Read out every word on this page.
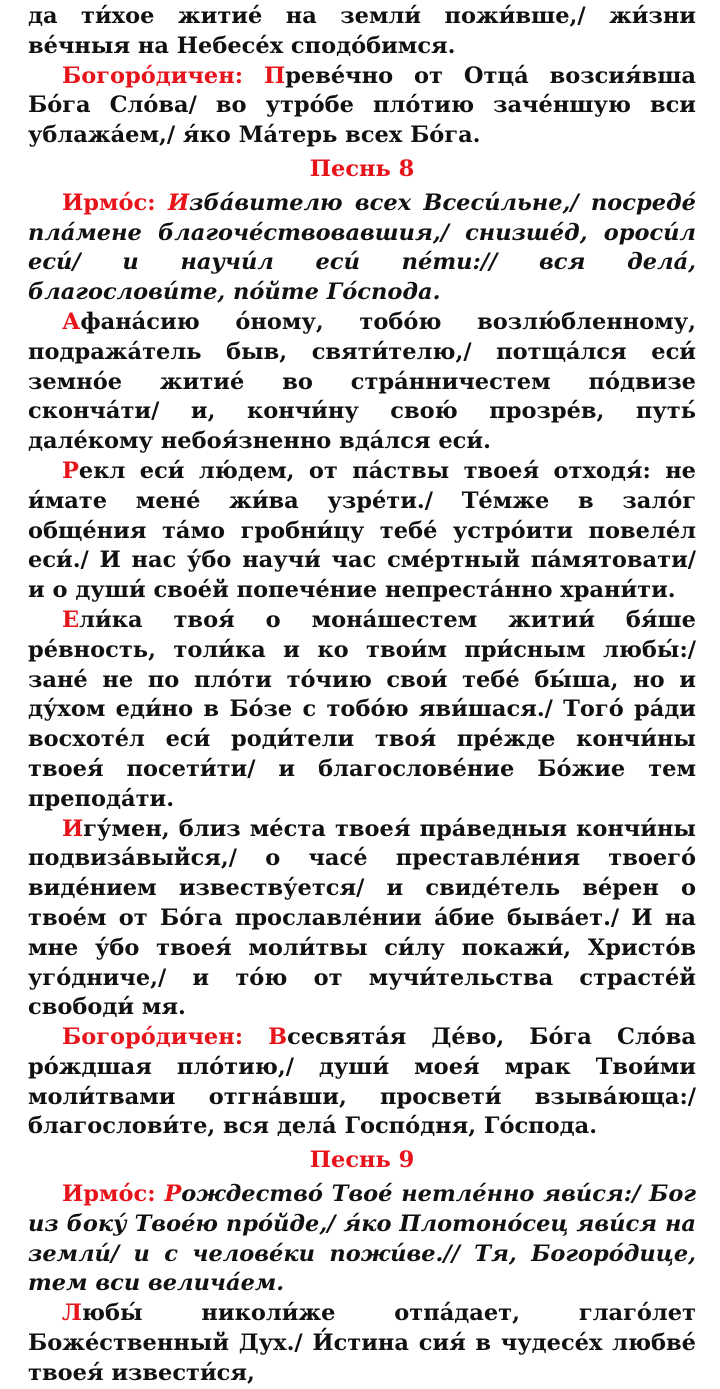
да ти́хое житие́ на земли́ пожи́вше,/ жи́зни ве́чныя на Небесе́х сподо́бимся.

Богоро́дичен: Преве́чно от Отца́ возсия́вша Бо́га Сло́ва/ во утро́бе пло́тию заче́ншую вси ублажа́ем,/ я́ко Ма́терь всех Бо́га.

Песнь 8

Ирмо́с: Изба́вителю всех Всеси́льне,/ посреде́ пла́мене благоче́ствовавшия,/ снизше́д, ороси́л еси́/ и научи́л еси́ пе́ти:// вся дела́, благослови́те, по́йте Го́спода.

Афана́сию о́ному, тобо́ю возлю́бленному, подража́тель быв, святи́телю,/ потща́лся еси́ земно́е житие́ во стра́нничестем по́двизе сконча́ти/ и, кончи́ну свою́ прозре́в, путь́ дале́кому небоя́зненно вда́лся еси́.

Рекл еси́ лю́дем, от па́ствы твоея́ отходя́: не и́мате мене́ жи́ва узре́ти./ Те́мже в зало́г обще́ния та́мо гробни́цу тебе́ устро́ити повеле́л еси́./ И нас у́бо научи́ час сме́ртный па́мятовати/ и о души́ свое́й попече́ние непреста́нно храни́ти.

Ели́ка твоя́ о мона́шестем житии́ бя́ше ре́вность, толи́ка и ко твои́м при́сным любы́:/ зане́ не по пло́ти то́чию свои́ тебе́ бы́ша, но и ду́хом еди́но в Бо́зе с тобо́ю яви́шася./ Того́ ра́ди восхоте́л еси́ роди́тели твоя́ пре́жде кончи́ны твоея́ посети́ти/ и благослове́ние Бо́жие тем препода́ти.

Игу́мен, близ ме́ста твоея́ пра́ведныя кончи́ны подвиза́выйся,/ о часе́ преставле́ния твоего́ виде́нием известву́ется/ и свиде́тель ве́рен о твое́м от Бо́га прославле́нии а́бие быва́ет./ И на мне у́бо твоея́ моли́твы си́лу покажи́, Христо́в уго́дниче,/ и то́ю от мучи́тельства страсте́й свободи́ мя.

Богоро́дичен: Всесвята́я Де́во, Бо́га Сло́ва ро́ждшая пло́тию,/ души́ моея́ мрак Твои́ми моли́твами отгна́вши, просвети́ взыва́ющa:/ благослови́те, вся дела́ Госпо́дня, Го́спода.

Песнь 9

Ирмо́с: Рождество́ Твое́ нетле́нно яви́ся:/ Бог из боку́ Твое́ю про́йде,/ я́ко Плотоно́сец яви́ся на земли́/ и с челове́ки пожи́ве.// Тя, Богоро́дице, тем вси велича́ем.

Любы́ николи́же отпа́дает, глаго́лет Боже́ственный Дух./ И́стина сия́ в чудесе́х любве́ твоея́ извести́ся,
